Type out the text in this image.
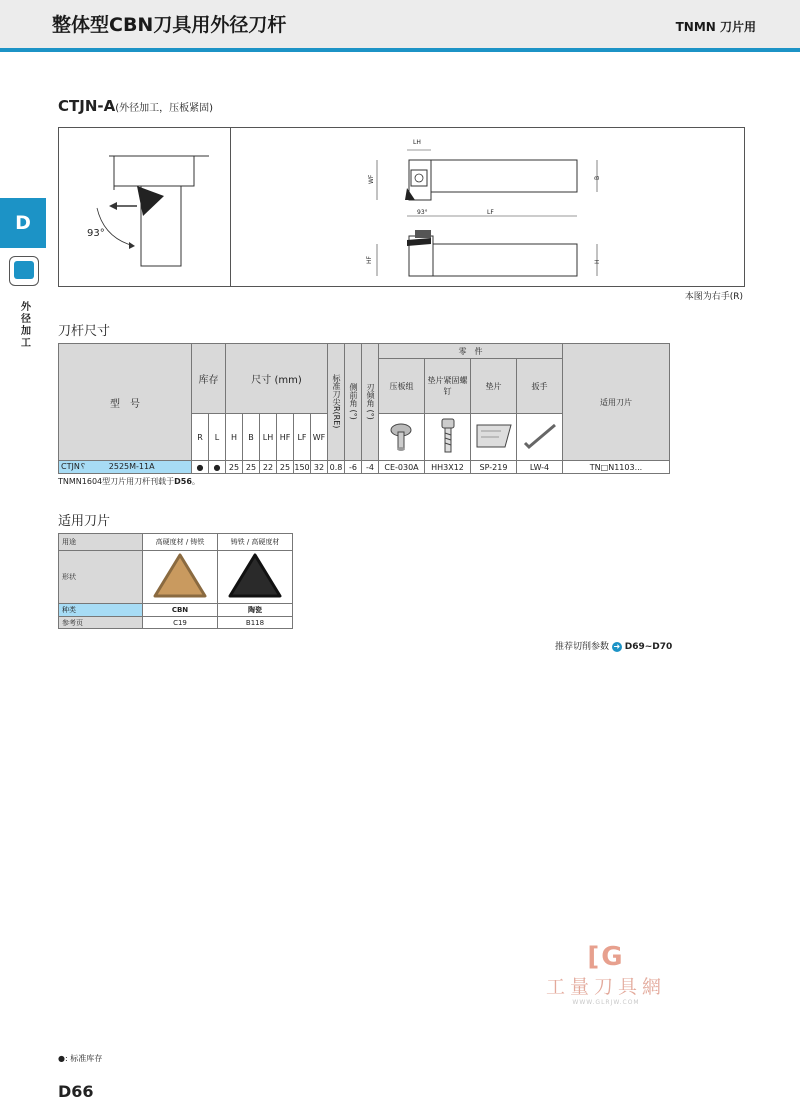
整体型CBN刀具用外径刀杆	TNMN 刀片用
D
外径加工
CTJN-A(外径加工，压板紧固)
93°
LH
WF	B
LF
93°
HF	H
本图为右手(R)
刀杆尺寸
型　号	库存		尺寸 (mm)						标准刀尖R(RE)	侧前角 (°)	刃倾角 (°)	零　件				适用刀片
												压板组	垫片紧固螺钉	垫片	扳手	
	R	L	H	B	LH	HF	LF	WF				
CTJN␦ 2525M-11A	●	●	25	25	22	25	150	32	0.8	-6	-4	CE-030A	HH3X12	SP-219	LW-4	TN□N1103...
TNMN1604型刀片用刀杆刊载于D56。
适用刀片
用途	高硬度材 / 铸铁	铸铁 / 高硬度材
形状		
种类	CBN	陶瓷
参考页	C19	B118
推荐切削参数 ➜ D69~D70
[G
工量刀具網
WWW.GLRJW.COM
●: 标准库存
D66
